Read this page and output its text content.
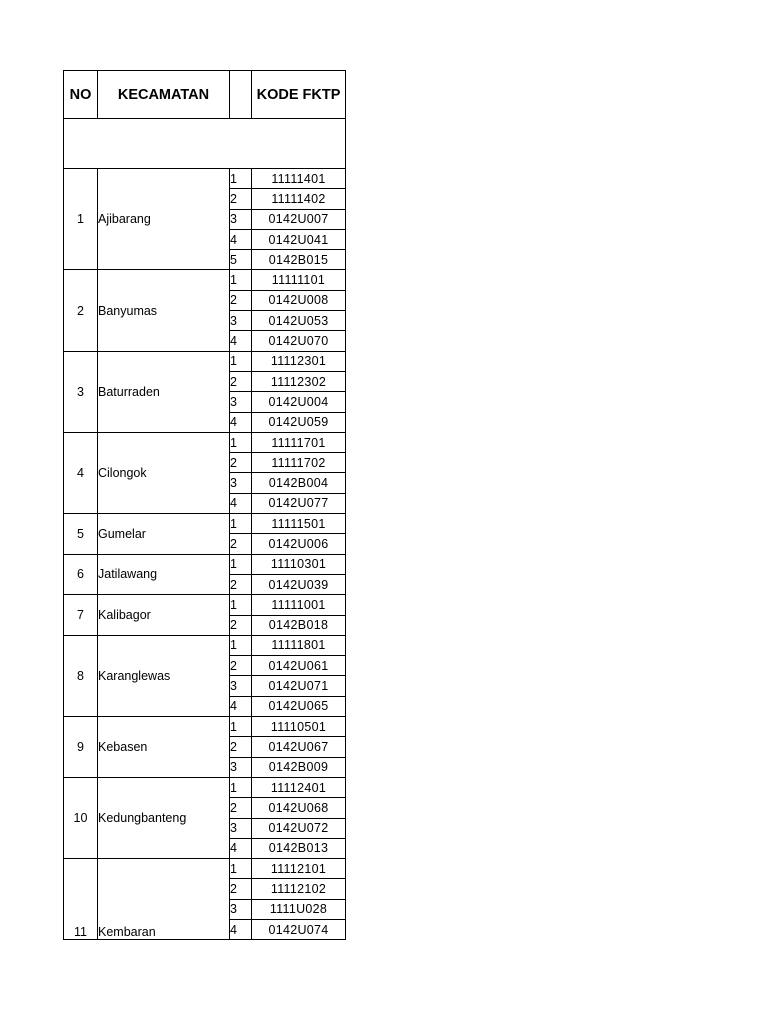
NO	KECAMATAN		KODE FKTP

1	Ajibarang	1	11111401
		2	11111402
		3	0142U007
		4	0142U041
		5	0142B015
2	Banyumas	1	11111101
		2	0142U008
		3	0142U053
		4	0142U070
3	Baturraden	1	11112301
		2	11112302
		3	0142U004
		4	0142U059
4	Cilongok	1	11111701
		2	11111702
		3	0142B004
		4	0142U077
5	Gumelar	1	11111501
		2	0142U006
6	Jatilawang	1	11110301
		2	0142U039
7	Kalibagor	1	11111001
		2	0142B018
8	Karanglewas	1	11111801
		2	0142U061
		3	0142U071
		4	0142U065
9	Kebasen	1	11110501
		2	0142U067
		3	0142B009
10	Kedungbanteng	1	11112401
		2	0142U068
		3	0142U072
		4	0142B013
11	Kembaran	1	11112101
		2	11112102
		3	1111U028
		4	0142U074
